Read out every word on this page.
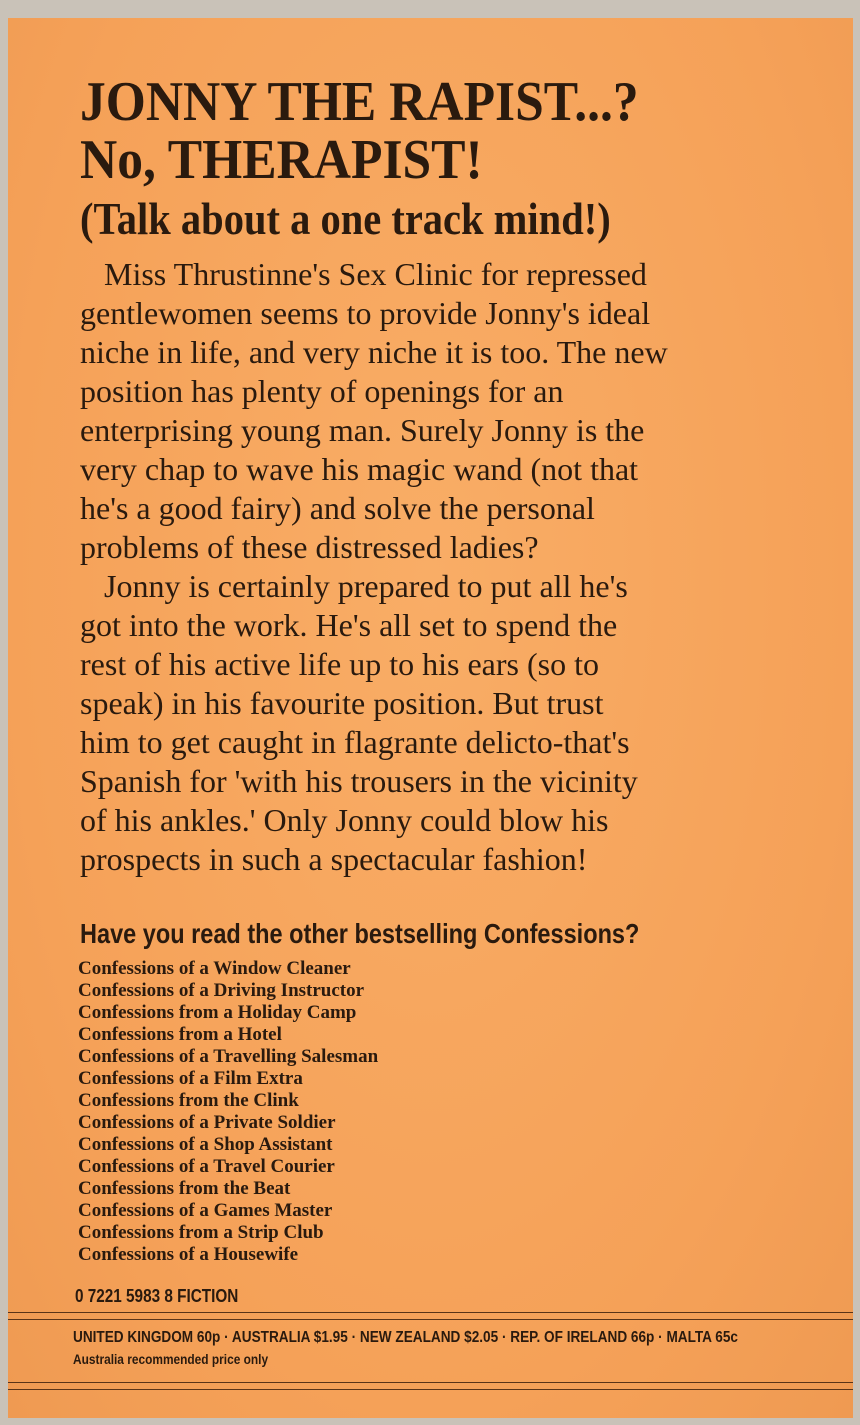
JONNY THE RAPIST...?
No, THERAPIST!
(Talk about a one track mind!)
Miss Thrustinne's Sex Clinic for repressed
gentlewomen seems to provide Jonny's ideal
niche in life, and very niche it is too. The new
position has plenty of openings for an
enterprising young man. Surely Jonny is the
very chap to wave his magic wand (not that
he's a good fairy) and solve the personal
problems of these distressed ladies?
Jonny is certainly prepared to put all he's
got into the work. He's all set to spend the
rest of his active life up to his ears (so to
speak) in his favourite position. But trust
him to get caught in flagrante delicto-that's
Spanish for 'with his trousers in the vicinity
of his ankles.' Only Jonny could blow his
prospects in such a spectacular fashion!
Have you read the other bestselling Confessions?
Confessions of a Window Cleaner
Confessions of a Driving Instructor
Confessions from a Holiday Camp
Confessions from a Hotel
Confessions of a Travelling Salesman
Confessions of a Film Extra
Confessions from the Clink
Confessions of a Private Soldier
Confessions of a Shop Assistant
Confessions of a Travel Courier
Confessions from the Beat
Confessions of a Games Master
Confessions from a Strip Club
Confessions of a Housewife
0 7221 5983 8 FICTION
UNITED KINGDOM 60p · AUSTRALIA $1.95 · NEW ZEALAND $2.05 · REP. OF IRELAND 66p · MALTA 65c
Australia recommended price only
